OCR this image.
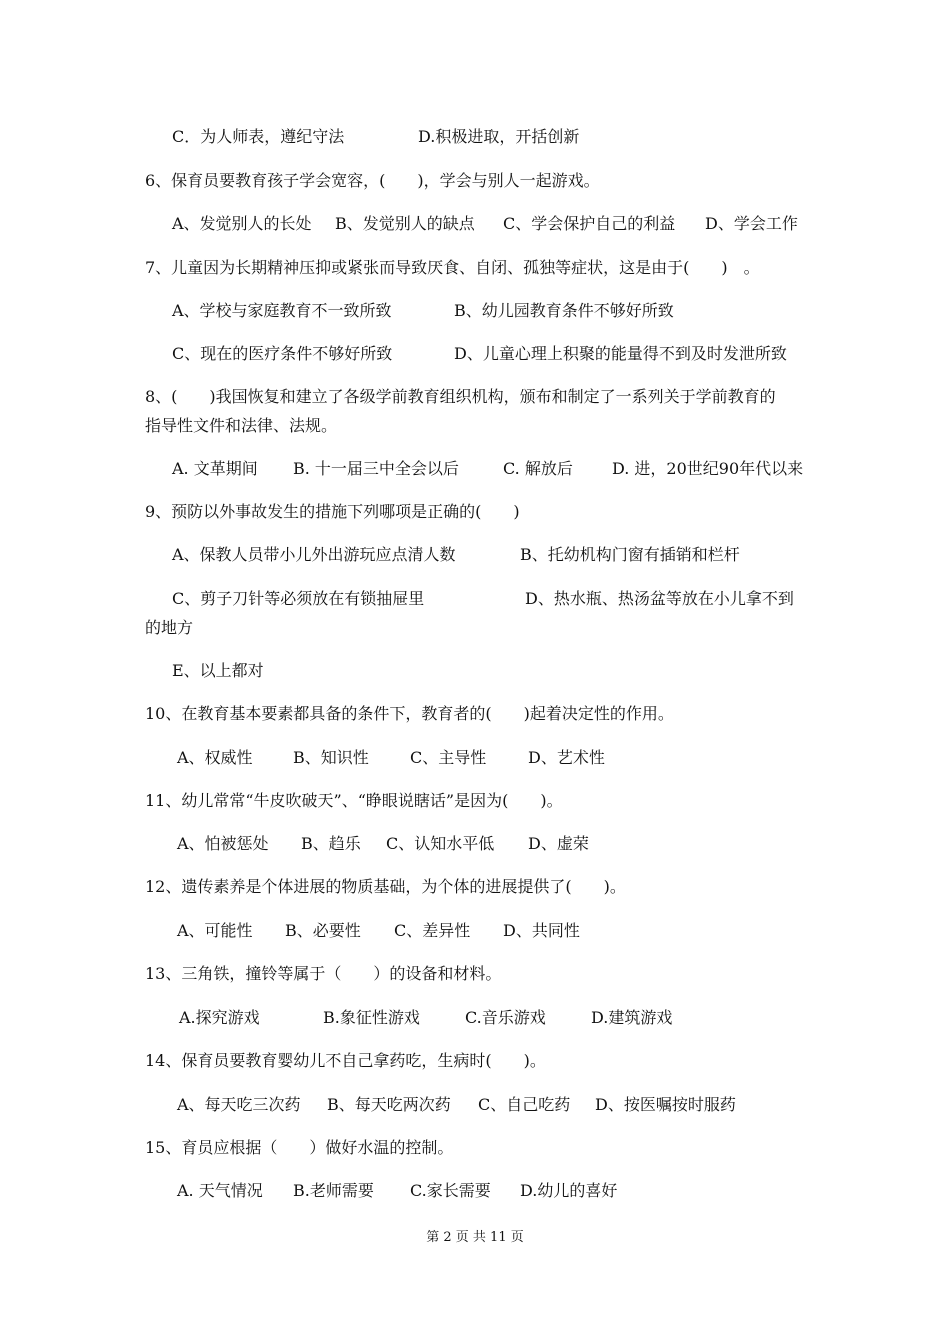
C．为人师表，遵纪守法	D.积极进取，开括创新
6、保育员要教育孩子学会宽容，(　　)，学会与别人一起游戏。
A、发觉别人的长处 B、发觉别人的缺点 C、学会保护自己的利益 D、学会工作
7、儿童因为长期精神压抑或紧张而导致厌食、自闭、孤独等症状，这是由于(　　)　。
A、学校与家庭教育不一致所致	B、幼儿园教育条件不够好所致
C、现在的医疗条件不够好所致	D、儿童心理上积聚的能量得不到及时发泄所致
8、(　　)我国恢复和建立了各级学前教育组织机构，颁布和制定了一系列关于学前教育的
指导性文件和法律、法规。
A. 文革期间 B. 十一届三中全会以后	C. 解放后 D. 进，20世纪90年代以来
9、预防以外事故发生的措施下列哪项是正确的(　　)
A、保教人员带小儿外出游玩应点清人数	B、托幼机构门窗有插销和栏杆
C、剪子刀针等必须放在有锁抽屉里	D、热水瓶、热汤盆等放在小儿拿不到
的地方
E、以上都对
10、在教育基本要素都具备的条件下，教育者的(　　)起着决定性的作用。
A、权威性	B、知识性	C、主导性	D、艺术性
11、幼儿常常“牛皮吹破天”、“睁眼说瞎话”是因为(　　)。
A、怕被惩处 B、趋乐 C、认知水平低 D、虚荣
12、遗传素养是个体进展的物质基础，为个体的进展提供了(　　)。
A、可能性 B、必要性 C、差异性 D、共同性
13、三角铁，撞铃等属于（　　）的设备和材料。
A.探究游戏	B.象征性游戏	C.音乐游戏	D.建筑游戏
14、保育员要教育婴幼儿不自己拿药吃，生病时(　　)。
A、每天吃三次药 B、每天吃两次药 C、自己吃药 D、按医嘱按时服药
15、育员应根据（　　）做好水温的控制。
A. 天气情况 B.老师需要 C.家长需要 D.幼儿的喜好
第 2 页 共 11 页
